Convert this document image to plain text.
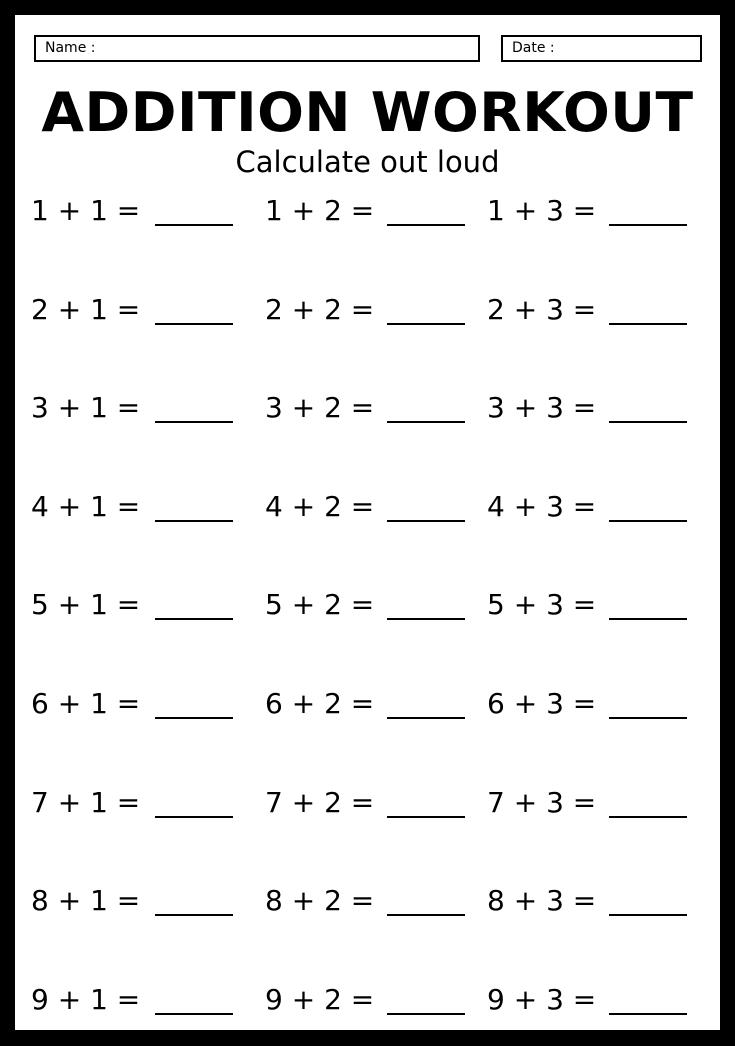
Name :	Date :
ADDITION WORKOUT
Calculate out loud
1 + 1 =	1 + 2 =	1 + 3 =
2 + 1 =	2 + 2 =	2 + 3 =
3 + 1 =	3 + 2 =	3 + 3 =
4 + 1 =	4 + 2 =	4 + 3 =
5 + 1 =	5 + 2 =	5 + 3 =
6 + 1 =	6 + 2 =	6 + 3 =
7 + 1 =	7 + 2 =	7 + 3 =
8 + 1 =	8 + 2 =	8 + 3 =
9 + 1 =	9 + 2 =	9 + 3 =
